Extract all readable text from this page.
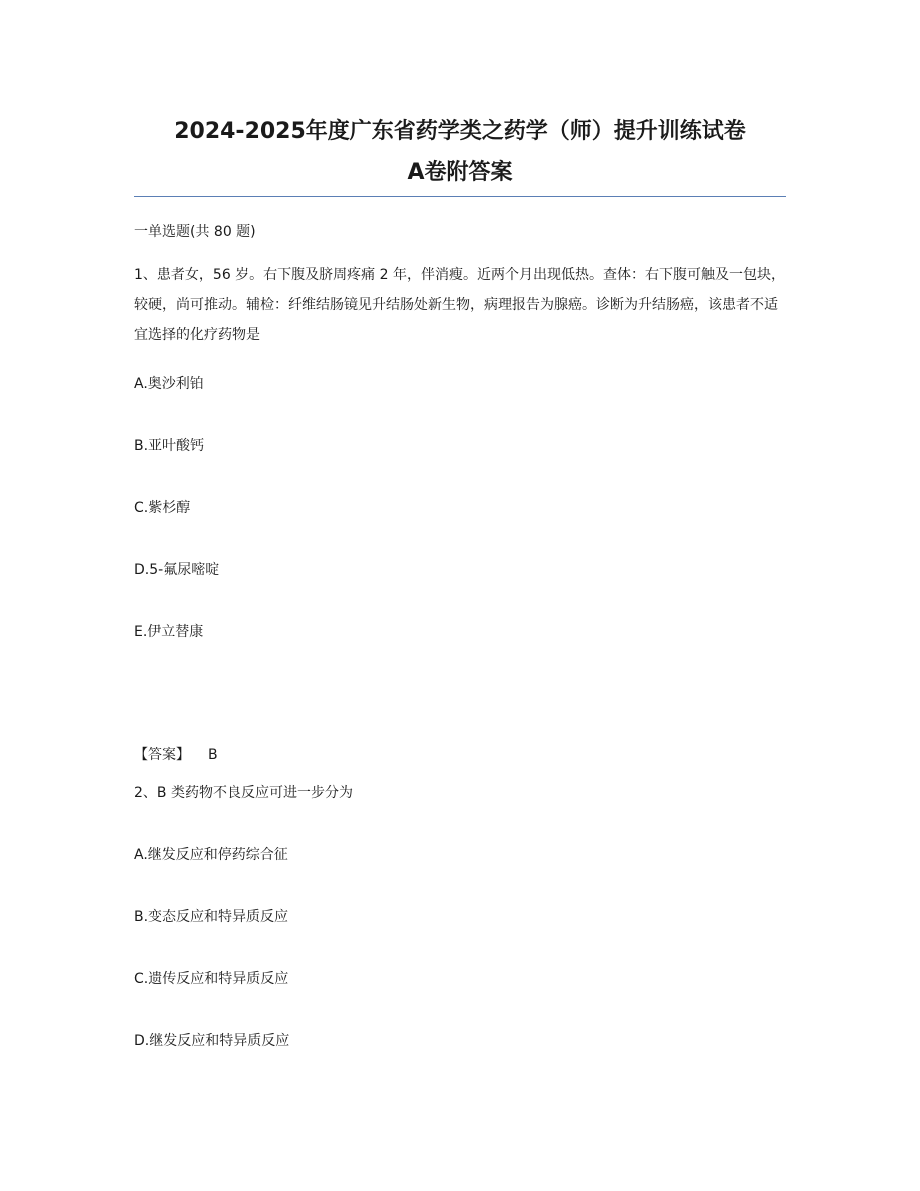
2024-2025年度广东省药学类之药学（师）提升训练试卷
A卷附答案
一单选题(共 80 题)

1、患者女，56 岁。右下腹及脐周疼痛 2 年，伴消瘦。近两个月出现低热。查体：右下腹可触及一包块，较硬，尚可推动。辅检：纤维结肠镜见升结肠处新生物，病理报告为腺癌。诊断为升结肠癌，该患者不适宜选择的化疗药物是

A.奥沙利铂
B.亚叶酸钙
C.紫杉醇
D.5-氟尿嘧啶
E.伊立替康
【答案】 B
2、B 类药物不良反应可进一步分为
A.继发反应和停药综合征
B.变态反应和特异质反应
C.遗传反应和特异质反应
D.继发反应和特异质反应
